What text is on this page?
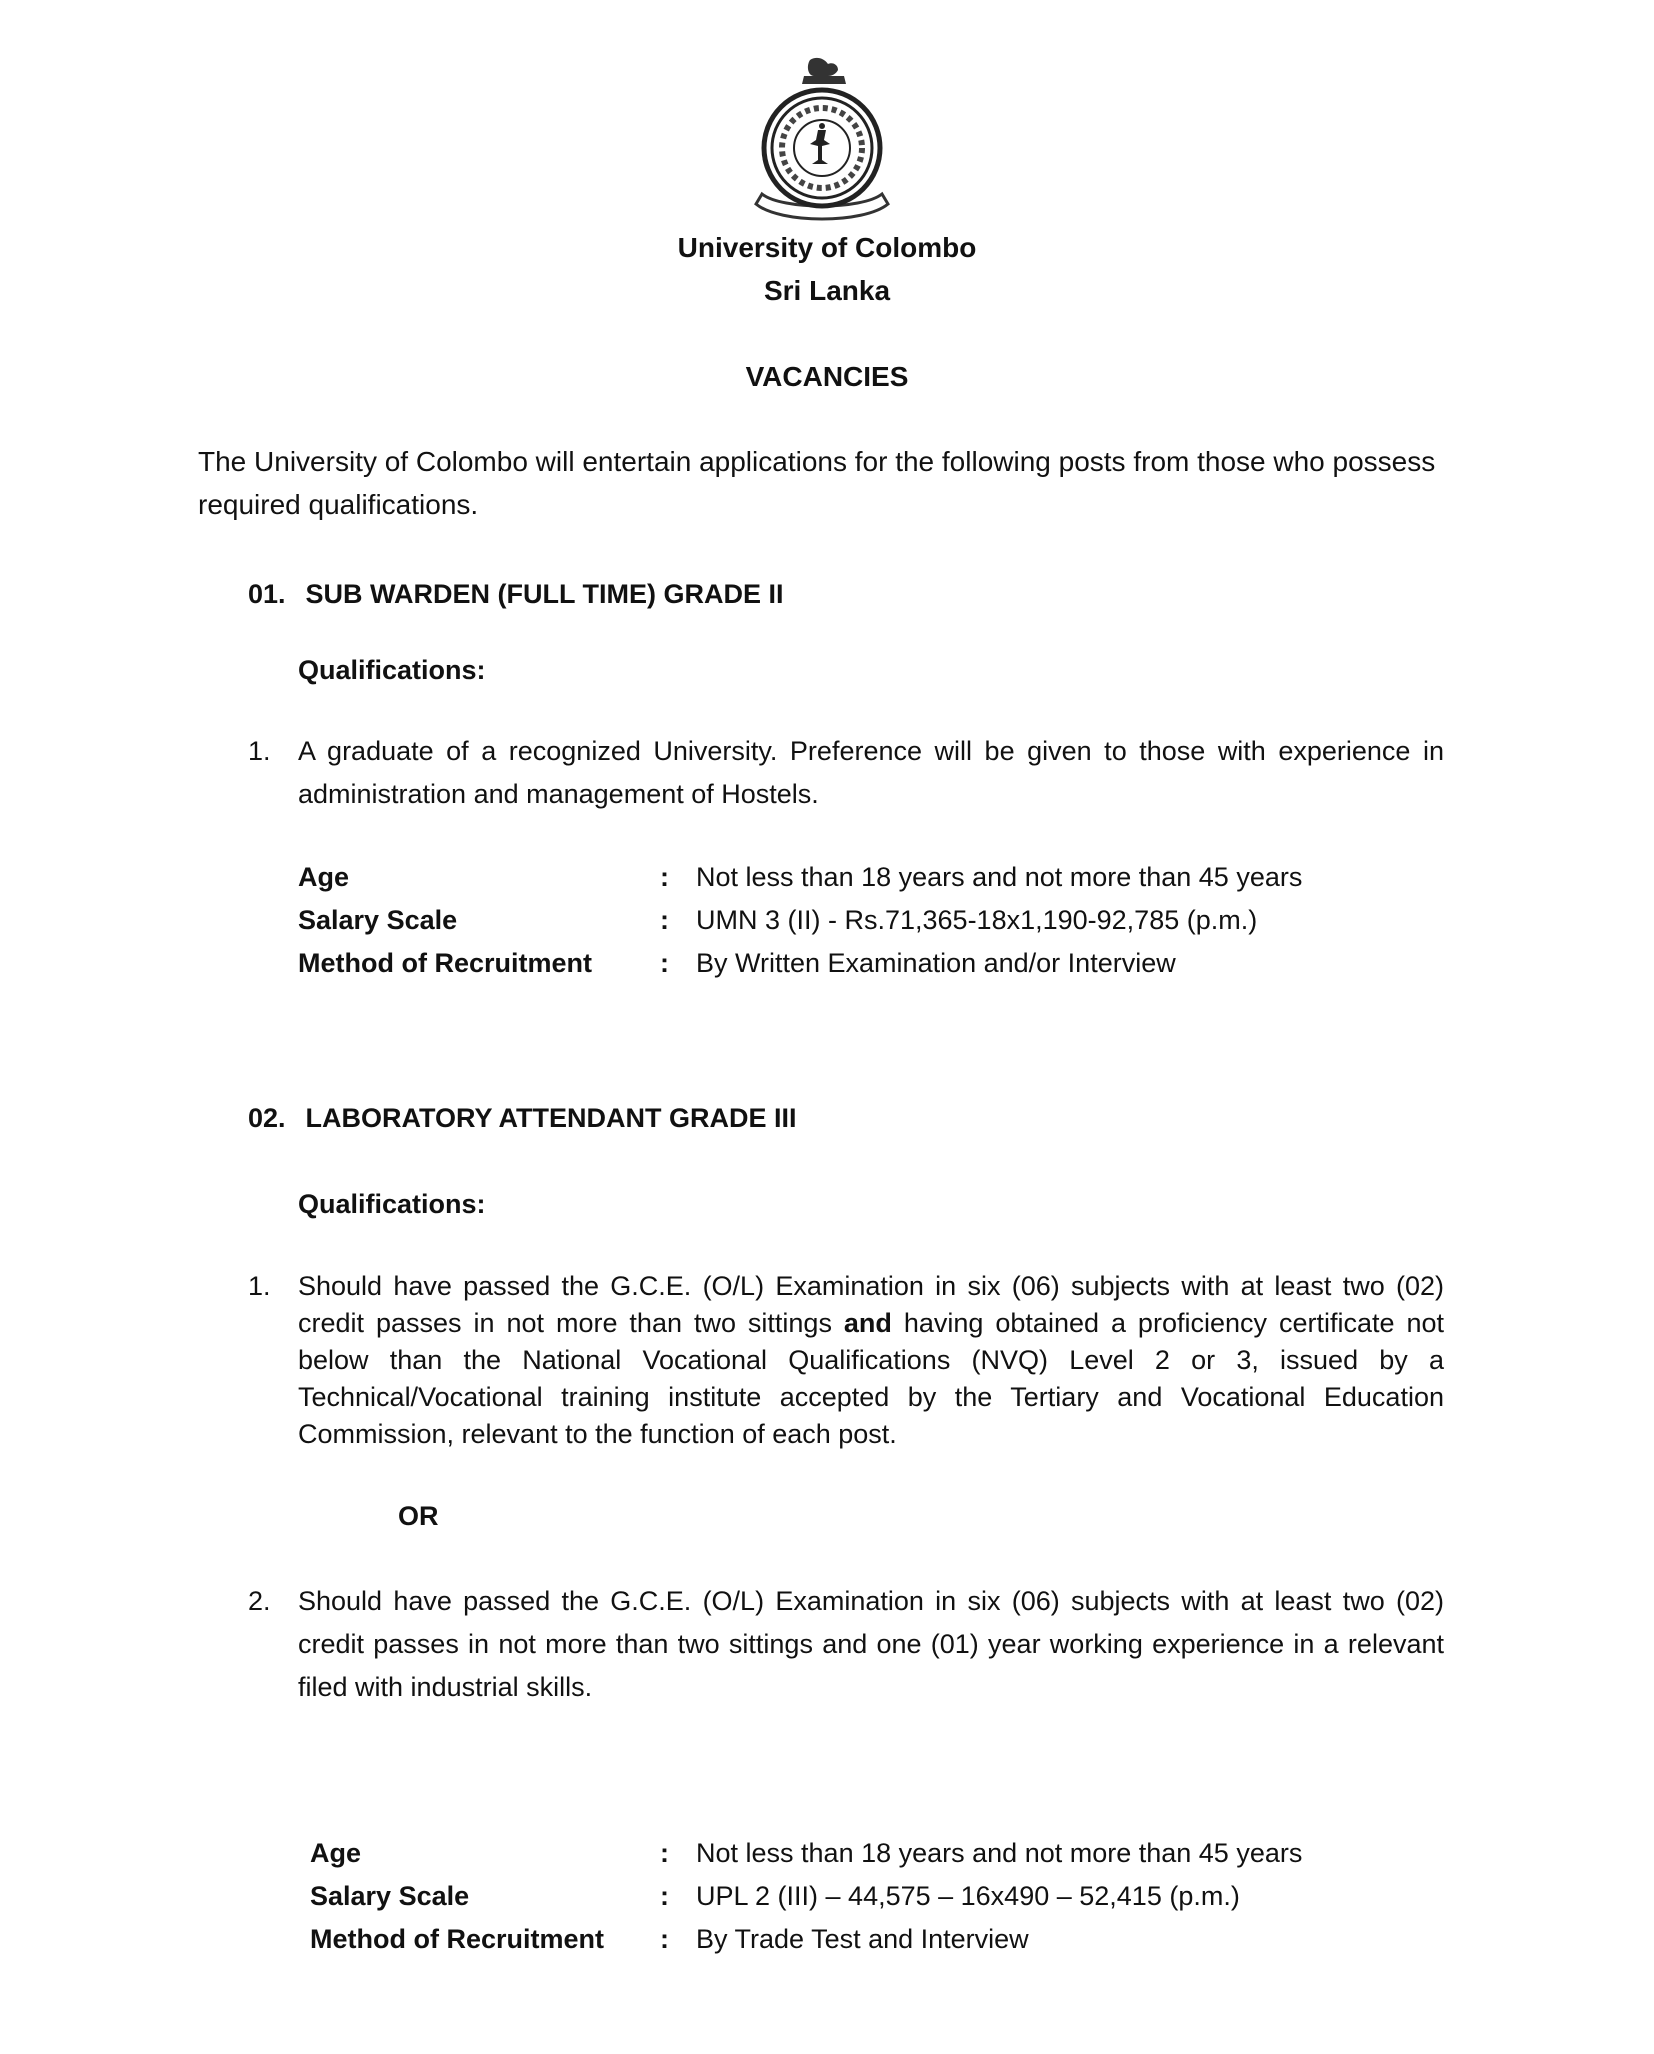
University of Colombo
Sri Lanka
VACANCIES
The University of Colombo will entertain applications for the following posts from those who possess required qualifications.
01. SUB WARDEN (FULL TIME) GRADE II
Qualifications:
1.	A graduate of a recognized University. Preference will be given to those with experience in administration and management of Hostels.
Age	: Not less than 18 years and not more than 45 years
Salary Scale	: UMN 3 (II) - Rs.71,365-18x1,190-92,785 (p.m.)
Method of Recruitment	: By Written Examination and/or Interview
02. LABORATORY ATTENDANT GRADE III
Qualifications:
1.	Should have passed the G.C.E. (O/L) Examination in six (06) subjects with at least two (02) credit passes in not more than two sittings and having obtained a proficiency certificate not below than the National Vocational Qualifications (NVQ) Level 2 or 3, issued by a Technical/Vocational training institute accepted by the Tertiary and Vocational Education Commission, relevant to the function of each post.
OR
2.	Should have passed the G.C.E. (O/L) Examination in six (06) subjects with at least two (02) credit passes in not more than two sittings and one (01) year working experience in a relevant filed with industrial skills.
Age	: Not less than 18 years and not more than 45 years
Salary Scale	: UPL 2 (III) – 44,575 – 16x490 – 52,415 (p.m.)
Method of Recruitment : By Trade Test and Interview
